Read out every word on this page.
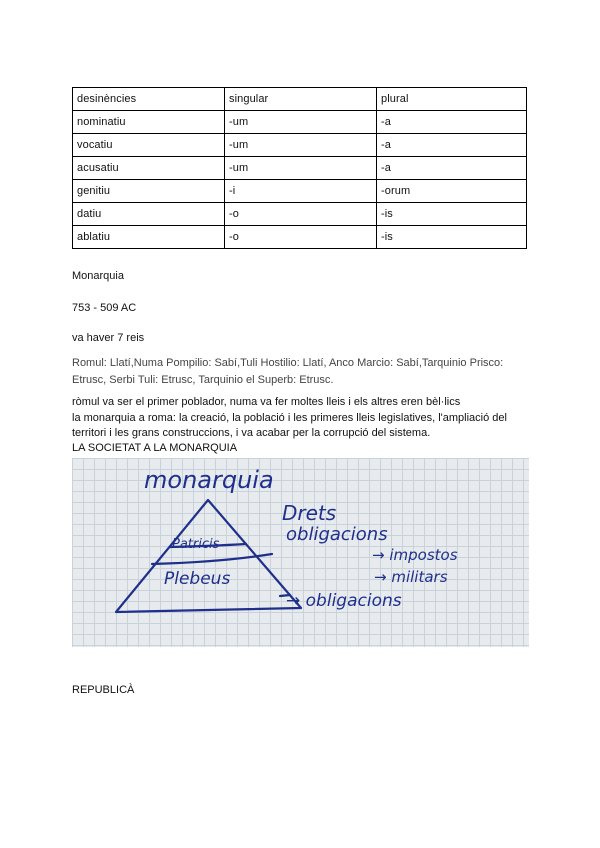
desinències	singular	plural
nominatiu	-um	-a
vocatiu	-um	-a
acusatiu	-um	-a
genitiu	-i	-orum
datiu	-o	-is
ablatiu	-o	-is
Monarquia
753 - 509 AC
va haver 7 reis
Romul: Llatí,Numa Pompilio: Sabí,Tuli Hostilio: Llatí, Anco Marcio: Sabí,Tarquinio Prisco:
Etrusc, Serbi Tuli: Etrusc, Tarquinio el Superb: Etrusc.
ròmul va ser el primer poblador, numa va fer moltes lleis i els altres eren bèl·lics
la monarquia a roma: la creació, la població i les primeres lleis legislatives, l'ampliació del
territori i les grans construccions, i va acabar per la corrupció del sistema.
LA SOCIETAT A LA MONARQUIA
monarquia
Patricis
Plebeus
Drets
obligacions
→ impostos
→ militars
→ obligacions
REPUBLICÀ
